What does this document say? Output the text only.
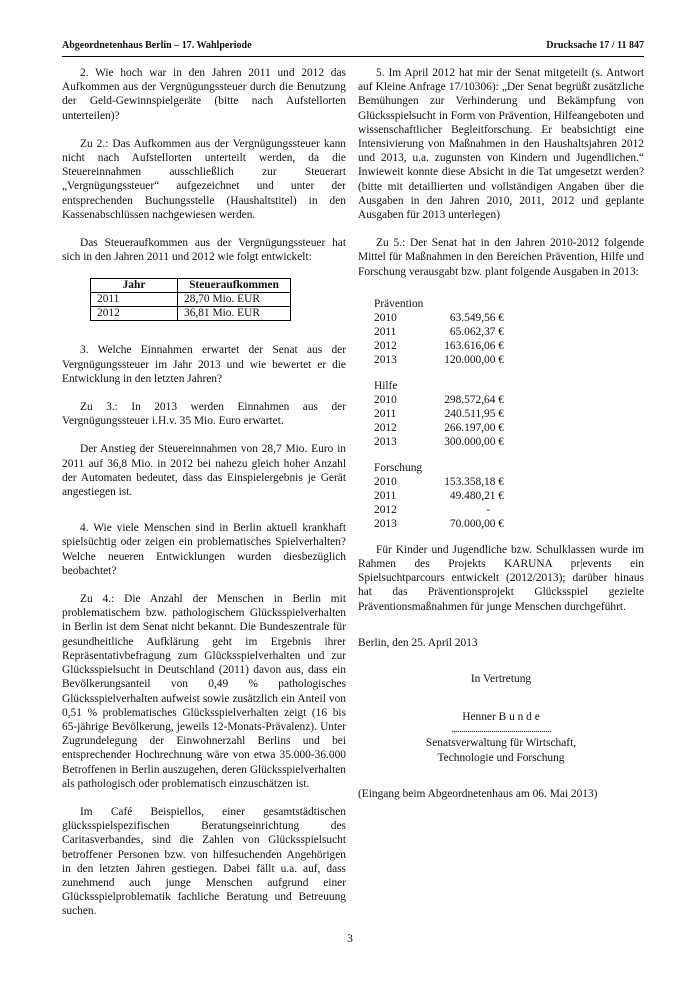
Abgeordnetenhaus Berlin – 17. Wahlperiode	Drucksache 17 / 11 847

2. Wie hoch war in den Jahren 2011 und 2012 das Aufkommen aus der Vergnügungssteuer durch die Benutzung der Geld-Gewinnspielgeräte (bitte nach Aufstellorten unterteilen)?

Zu 2.: Das Aufkommen aus der Vergnügungssteuer kann nicht nach Aufstellorten unterteilt werden, da die Steuereinnahmen ausschließlich zur Steuerart „Vergnügungssteuer“ aufgezeichnet und unter der entsprechenden Buchungsstelle (Haushaltstitel) in den Kassenabschlüssen nachgewiesen werden.

Das Steueraufkommen aus der Vergnügungssteuer hat sich in den Jahren 2011 und 2012 wie folgt entwickelt:

Jahr	Steueraufkommen
2011	28,70 Mio. EUR
2012	36,81 Mio. EUR

3. Welche Einnahmen erwartet der Senat aus der Vergnügungssteuer im Jahr 2013 und wie bewertet er die Entwicklung in den letzten Jahren?

Zu 3.: In 2013 werden Einnahmen aus der Vergnügungssteuer i.H.v. 35 Mio. Euro erwartet.

Der Anstieg der Steuereinnahmen von 28,7 Mio. Euro in 2011 auf 36,8 Mio. in 2012 bei nahezu gleich hoher Anzahl der Automaten bedeutet, dass das Einspielergebnis je Gerät angestiegen ist.

4. Wie viele Menschen sind in Berlin aktuell krankhaft spielsüchtig oder zeigen ein problematisches Spielverhalten? Welche neueren Entwicklungen wurden diesbezüglich beobachtet?

Zu 4.: Die Anzahl der Menschen in Berlin mit problematischem bzw. pathologischem Glücksspielverhalten in Berlin ist dem Senat nicht bekannt. Die Bundeszentrale für gesundheitliche Aufklärung geht im Ergebnis ihrer Repräsentativbefragung zum Glücksspielverhalten und zur Glücksspielsucht in Deutschland (2011) davon aus, dass ein Bevölkerungsanteil von 0,49 % pathologisches Glücksspielverhalten aufweist sowie zusätzlich ein Anteil von 0,51 % problematisches Glücksspielverhalten zeigt (16 bis 65-jährige Bevölkerung, jeweils 12-Monats-Prävalenz). Unter Zugrundelegung der Einwohnerzahl Berlins und bei entsprechender Hochrechnung wäre von etwa 35.000-36.000 Betroffenen in Berlin auszugehen, deren Glücksspielverhalten als pathologisch oder problematisch einzuschätzen ist.

Im Café Beispiellos, einer gesamtstädtischen glücksspielspezifischen Beratungseinrichtung des Caritasverbandes, sind die Zahlen von Glücksspielsucht betroffener Personen bzw. von hilfesuchenden Angehörigen in den letzten Jahren gestiegen. Dabei fällt u.a. auf, dass zunehmend auch junge Menschen aufgrund einer Glücksspielproblematik fachliche Beratung und Betreuung suchen.

5. Im April 2012 hat mir der Senat mitgeteilt (s. Antwort auf Kleine Anfrage 17/10306): „Der Senat begrüßt zusätzliche Bemühungen zur Verhinderung und Bekämpfung von Glücksspielsucht in Form von Prävention, Hilfeangeboten und wissenschaftlicher Begleitforschung. Er beabsichtigt eine Intensivierung von Maßnahmen in den Haushaltsjahren 2012 und 2013, u.a. zugunsten von Kindern und Jugendlichen.“ Inwieweit konnte diese Absicht in die Tat umgesetzt werden? (bitte mit detaillierten und vollständigen Angaben über die Ausgaben in den Jahren 2010, 2011, 2012 und geplante Ausgaben für 2013 unterlegen)

Zu 5.: Der Senat hat in den Jahren 2010-2012 folgende Mittel für Maßnahmen in den Bereichen Prävention, Hilfe und Forschung verausgabt bzw. plant folgende Ausgaben in 2013:

Prävention
2010	63.549,56 €
2011	65.062,37 €
2012	163.616,06 €
2013	120.000,00 €
Hilfe
2010	298.572,64 €
2011	240.511,95 €
2012	266.197,00 €
2013	300.000,00 €
Forschung
2010	153.358,18 €
2011	49.480,21 €
2012	-
2013	70.000,00 €

Für Kinder und Jugendliche bzw. Schulklassen wurde im Rahmen des Projekts KARUNA pr|events ein Spielsuchtparcours entwickelt (2012/2013); darüber hinaus hat das Präventionsprojekt Glücksspiel gezielte Präventionsmaßnahmen für junge Menschen durchgeführt.

Berlin, den 25. April 2013

In Vertretung

Henner B u n d e

..................................................
Senatsverwaltung für Wirtschaft,
Technologie und Forschung

(Eingang beim Abgeordnetenhaus am 06. Mai 2013)

3
